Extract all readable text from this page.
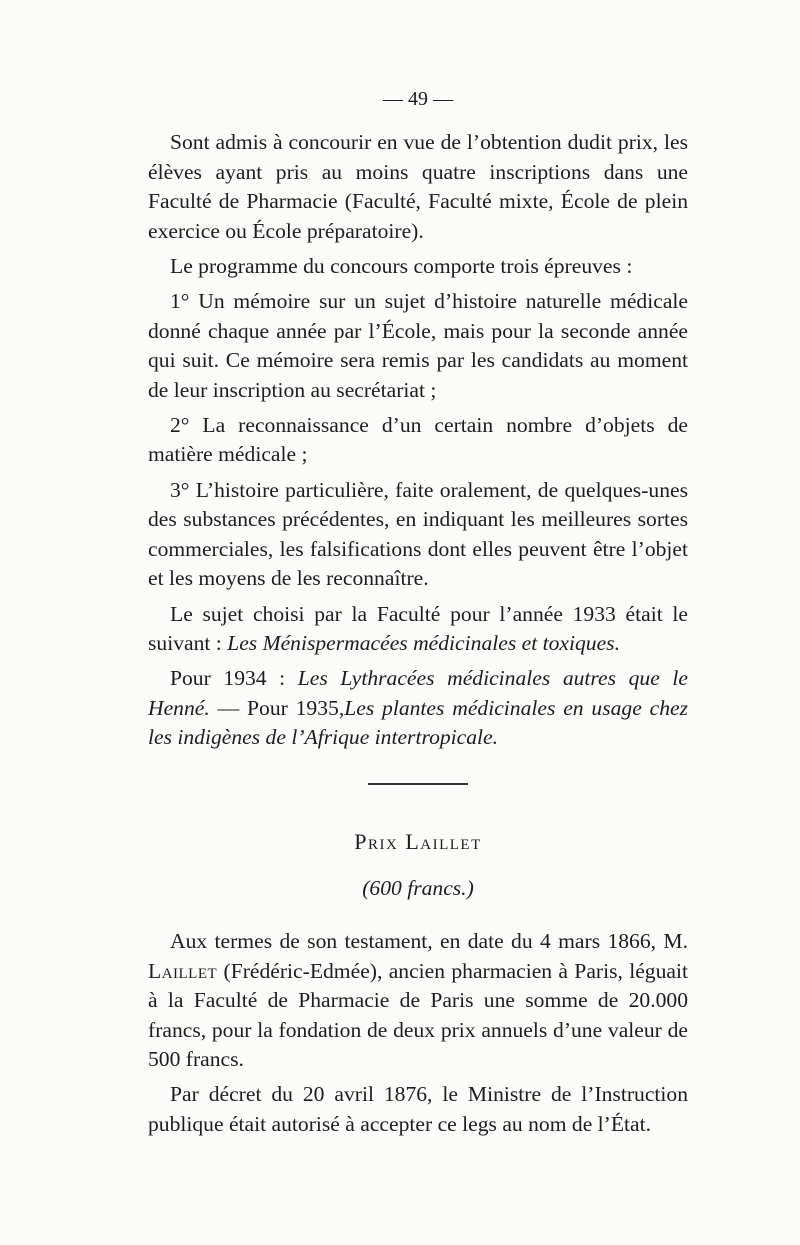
— 49 —

Sont admis à concourir en vue de l’obtention dudit prix, les élèves ayant pris au moins quatre inscriptions dans une Faculté de Pharmacie (Faculté, Faculté mixte, École de plein exercice ou École préparatoire).

Le programme du concours comporte trois épreuves :

1° Un mémoire sur un sujet d’histoire naturelle médicale donné chaque année par l’École, mais pour la seconde année qui suit. Ce mémoire sera remis par les candidats au moment de leur inscription au secrétariat ;

2° La reconnaissance d’un certain nombre d’objets de matière médicale ;

3° L’histoire particulière, faite oralement, de quelques-unes des substances précédentes, en indiquant les meilleures sortes commerciales, les falsifications dont elles peuvent être l’objet et les moyens de les reconnaître.

Le sujet choisi par la Faculté pour l’année 1933 était le suivant : Les Ménispermacées médicinales et toxiques.

Pour 1934 : Les Lythracées médicinales autres que le Henné. — Pour 1935,Les plantes médicinales en usage chez les indigènes de l’Afrique intertropicale.

Prix Laillet
(600 francs.)

Aux termes de son testament, en date du 4 mars 1866, M. Laillet (Frédéric-Edmée), ancien pharmacien à Paris, léguait à la Faculté de Pharmacie de Paris une somme de 20.000 francs, pour la fondation de deux prix annuels d’une valeur de 500 francs.

Par décret du 20 avril 1876, le Ministre de l’Instruction publique était autorisé à accepter ce legs au nom de l’État.
